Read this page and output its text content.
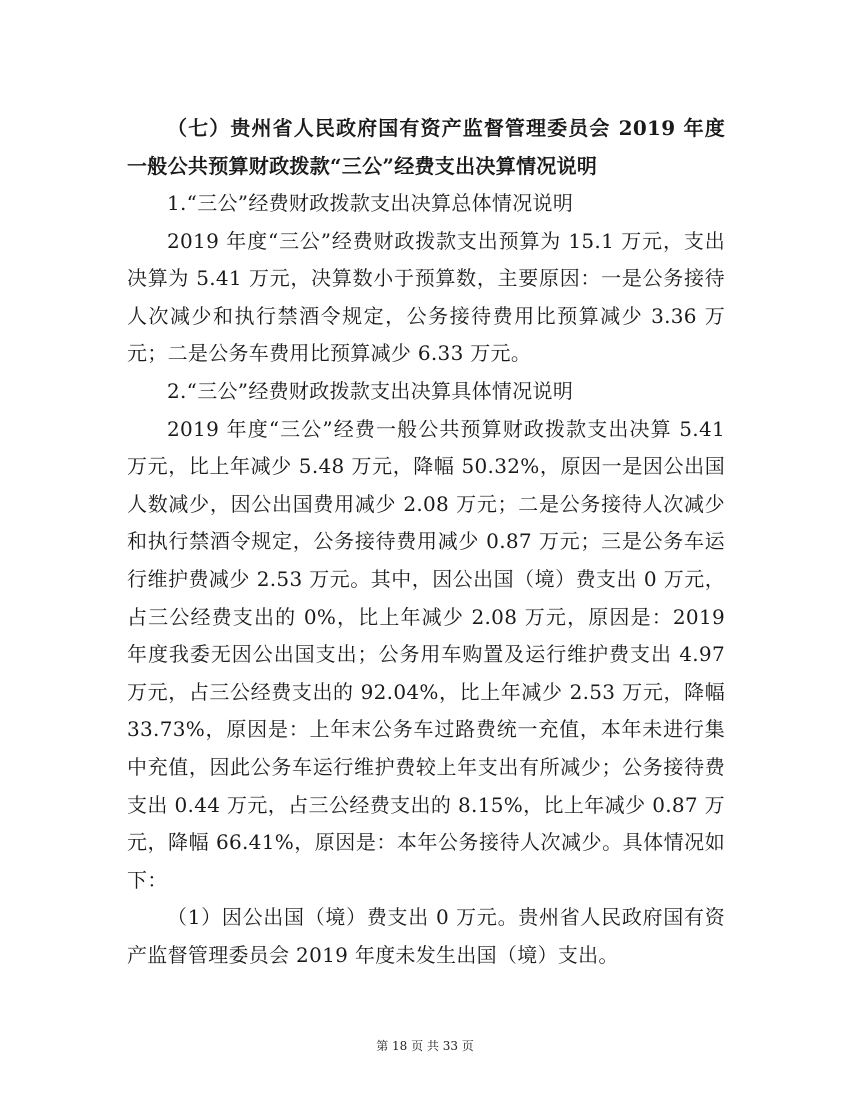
（七）贵州省人民政府国有资产监督管理委员会 2019 年度一般公共预算财政拨款“三公”经费支出决算情况说明

1.“三公”经费财政拨款支出决算总体情况说明

2019 年度“三公”经费财政拨款支出预算为 15.1 万元，支出决算为 5.41 万元，决算数小于预算数，主要原因：一是公务接待人次减少和执行禁酒令规定，公务接待费用比预算减少 3.36 万元；二是公务车费用比预算减少 6.33 万元。

2.“三公”经费财政拨款支出决算具体情况说明

2019 年度“三公”经费一般公共预算财政拨款支出决算 5.41 万元，比上年减少 5.48 万元，降幅 50.32%，原因一是因公出国人数减少，因公出国费用减少 2.08 万元；二是公务接待人次减少和执行禁酒令规定，公务接待费用减少 0.87 万元；三是公务车运行维护费减少 2.53 万元。其中，因公出国（境）费支出 0 万元，占三公经费支出的 0%，比上年减少 2.08 万元，原因是：2019 年度我委无因公出国支出；公务用车购置及运行维护费支出 4.97 万元，占三公经费支出的 92.04%，比上年减少 2.53 万元，降幅 33.73%，原因是：上年末公务车过路费统一充值，本年未进行集中充值，因此公务车运行维护费较上年支出有所减少；公务接待费支出 0.44 万元，占三公经费支出的 8.15%，比上年减少 0.87 万元，降幅 66.41%，原因是：本年公务接待人次减少。具体情况如下：

（1）因公出国（境）费支出 0 万元。贵州省人民政府国有资产监督管理委员会 2019 年度未发生出国（境）支出。

第 18 页 共 33 页
